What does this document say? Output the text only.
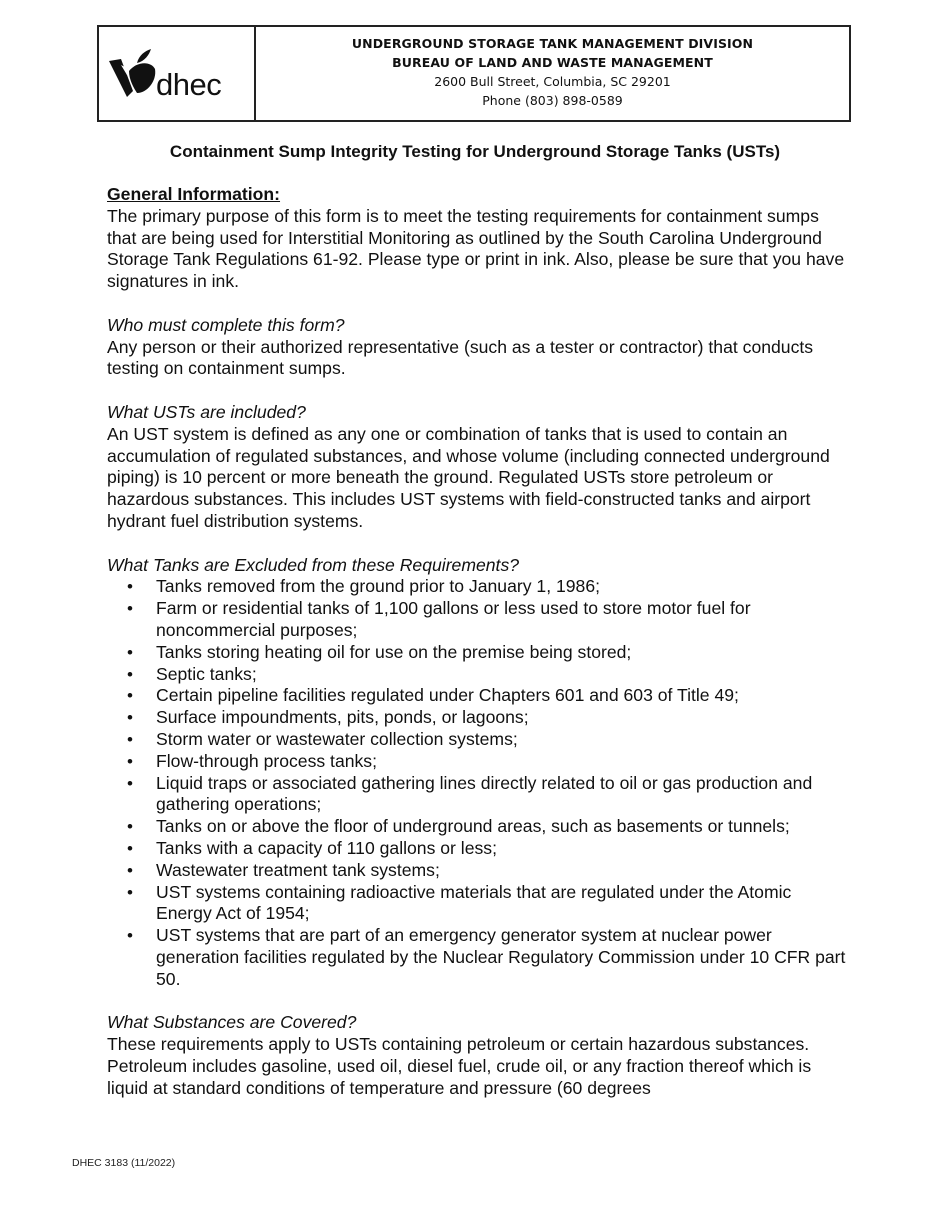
dhec
UNDERGROUND STORAGE TANK MANAGEMENT DIVISION
BUREAU OF LAND AND WASTE MANAGEMENT
2600 Bull Street, Columbia, SC 29201
Phone (803) 898-0589
Containment Sump Integrity Testing for Underground Storage Tanks (USTs)

General Information:

The primary purpose of this form is to meet the testing requirements for containment sumps that are being used for Interstitial Monitoring as outlined by the South Carolina Underground Storage Tank Regulations 61-92. Please type or print in ink. Also, please be sure that you have signatures in ink.

Who must complete this form?

Any person or their authorized representative (such as a tester or contractor) that conducts testing on containment sumps.

What USTs are included?

An UST system is defined as any one or combination of tanks that is used to contain an accumulation of regulated substances, and whose volume (including connected underground piping) is 10 percent or more beneath the ground. Regulated USTs store petroleum or hazardous substances. This includes UST systems with field-constructed tanks and airport hydrant fuel distribution systems.

What Tanks are Excluded from these Requirements?

• Tanks removed from the ground prior to January 1, 1986;
• Farm or residential tanks of 1,100 gallons or less used to store motor fuel for noncommercial purposes;
• Tanks storing heating oil for use on the premise being stored;
• Septic tanks;
• Certain pipeline facilities regulated under Chapters 601 and 603 of Title 49;
• Surface impoundments, pits, ponds, or lagoons;
• Storm water or wastewater collection systems;
• Flow-through process tanks;
• Liquid traps or associated gathering lines directly related to oil or gas production and gathering operations;
• Tanks on or above the floor of underground areas, such as basements or tunnels;
• Tanks with a capacity of 110 gallons or less;
• Wastewater treatment tank systems;
• UST systems containing radioactive materials that are regulated under the Atomic Energy Act of 1954;
• UST systems that are part of an emergency generator system at nuclear power generation facilities regulated by the Nuclear Regulatory Commission under 10 CFR part 50.

What Substances are Covered?

These requirements apply to USTs containing petroleum or certain hazardous substances. Petroleum includes gasoline, used oil, diesel fuel, crude oil, or any fraction thereof which is liquid at standard conditions of temperature and pressure (60 degrees

DHEC 3183 (11/2022)
